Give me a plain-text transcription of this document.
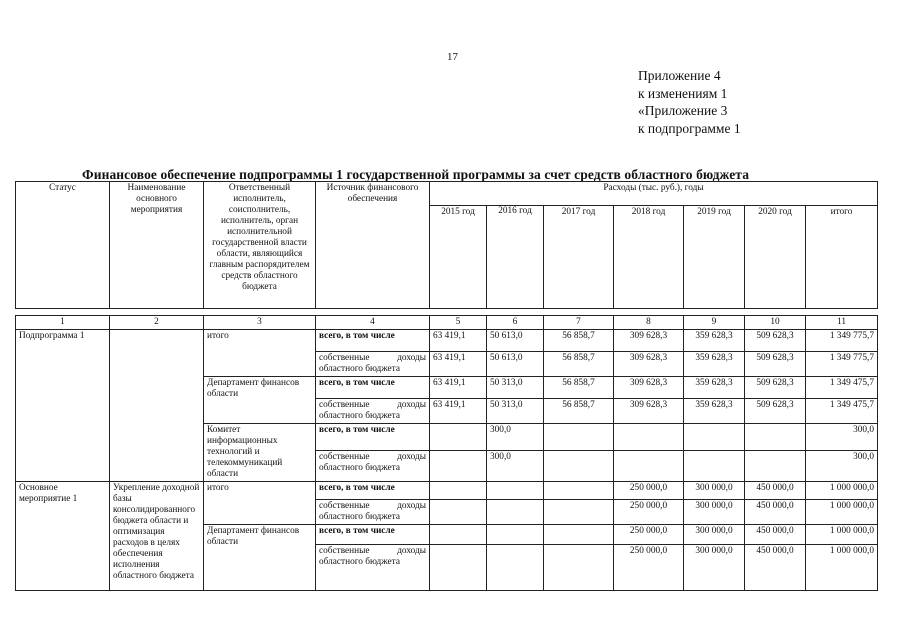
17
Приложение 4
к изменениям 1
«Приложение 3
к подпрограмме 1
Финансовое обеспечение подпрограммы 1 государственной программы за счет средств областного бюджета
Статус	Наименование основного мероприятия	Ответственный исполнитель, соисполнитель, исполнитель, орган исполнительной государственной власти области, являющийся главным распорядителем средств областного бюджета	Источник финансового обеспечения	Расходы (тыс. руб.), годы						
				2015 год	2016 год	2017 год	2018 год	2019 год	2020 год	итого
1	2	3	4	5	6	7	8	9	10	11
Подпрограмма 1		итого	всего, в том числе	63 419,1	50 613,0	56 858,7	309 628,3	359 628,3	509 628,3	1 349 775,7
			собственные доходы областного бюджета	63 419,1	50 613,0	56 858,7	309 628,3	359 628,3	509 628,3	1 349 775,7
		Департамент финансов области	всего, в том числе	63 419,1	50 313,0	56 858,7	309 628,3	359 628,3	509 628,3	1 349 475,7
			собственные доходы областного бюджета	63 419,1	50 313,0	56 858,7	309 628,3	359 628,3	509 628,3	1 349 475,7
		Комитет информационных технологий и телекоммуникаций области	всего, в том числе		300,0					300,0
			собственные доходы областного бюджета		300,0					300,0
Основное мероприятие 1	Укрепление доходной базы консолидированного бюджета области и оптимизация расходов в целях обеспечения исполнения областного бюджета	итого	всего, в том числе				250 000,0	300 000,0	450 000,0	1 000 000,0
			собственные доходы областного бюджета				250 000,0	300 000,0	450 000,0	1 000 000,0
		Департамент финансов области	всего, в том числе				250 000,0	300 000,0	450 000,0	1 000 000,0
			собственные доходы областного бюджета				250 000,0	300 000,0	450 000,0	1 000 000,0
